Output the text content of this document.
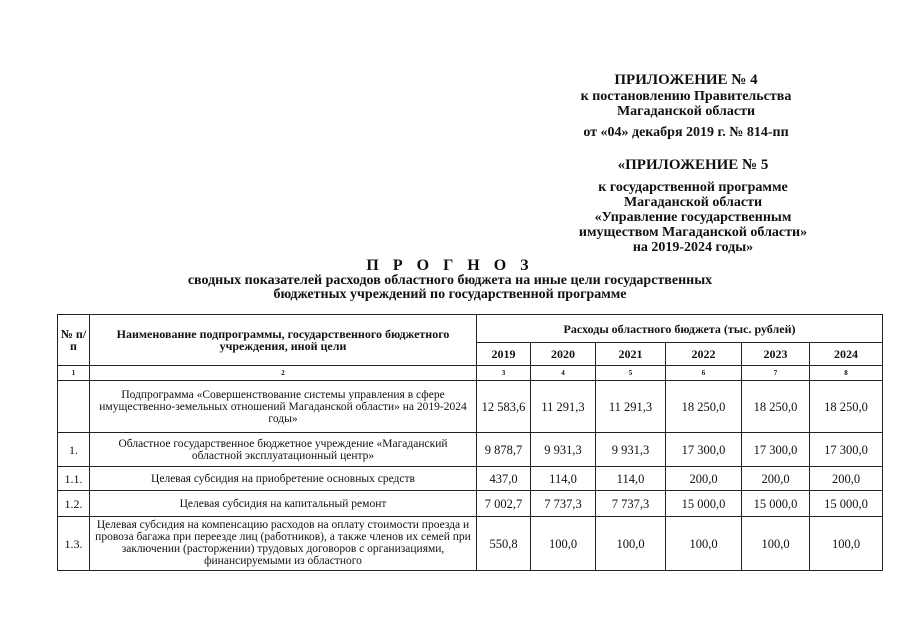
ПРИЛОЖЕНИЕ № 4
к постановлению Правительства
Магаданской области
от «04» декабря 2019 г. № 814-пп
«ПРИЛОЖЕНИЕ № 5
к государственной программе
Магаданской области
«Управление государственным
имуществом Магаданской области»
на 2019-2024 годы»
П Р О Г Н О З
сводных показателей расходов областного бюджета на иные цели государственных
бюджетных учреждений по государственной программе
№ п/п	Наименование подпрограммы, государственного бюджетного учреждения, иной цели	Расходы областного бюджета (тыс. рублей)					
		2019	2020	2021	2022	2023	2024
1	2	3	4	5	6	7	8
	Подпрограмма «Совершенствование системы управления в сфере имущественно-земельных отношений Магаданской области» на 2019-2024 годы»	12 583,6	11 291,3	11 291,3	18 250,0	18 250,0	18 250,0
1.	Областное государственное бюджетное учреждение «Магаданский областной эксплуатационный центр»	9 878,7	9 931,3	9 931,3	17 300,0	17 300,0	17 300,0
1.1.	Целевая субсидия на приобретение основных средств	437,0	114,0	114,0	200,0	200,0	200,0
1.2.	Целевая субсидия на капитальный ремонт	7 002,7	7 737,3	7 737,3	15 000,0	15 000,0	15 000,0
1.3.	Целевая субсидия на компенсацию расходов на оплату стоимости проезда и провоза багажа при переезде лиц (работников), а также членов их семей при заключении (расторжении) трудовых договоров с организациями, финансируемыми из областного	550,8	100,0	100,0	100,0	100,0	100,0
